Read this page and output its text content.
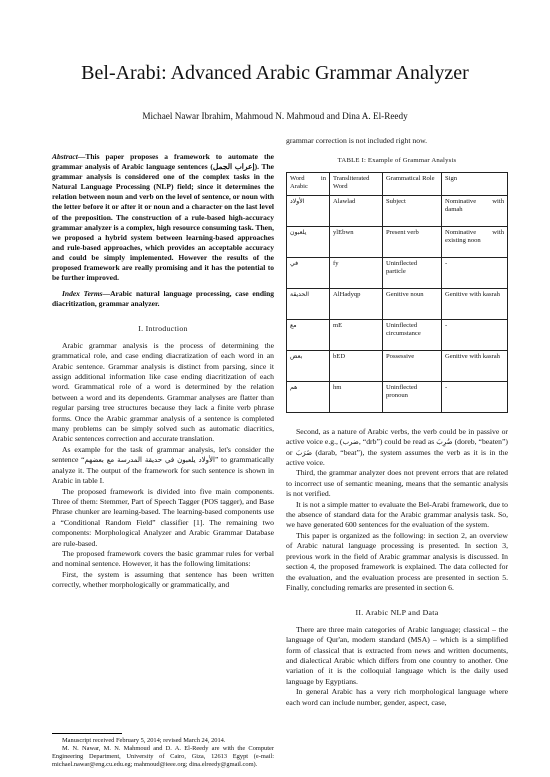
Bel-Arabi: Advanced Arabic Grammar Analyzer
Michael Nawar Ibrahim, Mahmoud N. Mahmoud and Dina A. El-Reedy

Abstract—This paper proposes a framework to automate the grammar analysis of Arabic language sentences (إعراب الجمل). The grammar analysis is considered one of the complex tasks in the Natural Language Processing (NLP) field; since it determines the relation between noun and verb on the level of sentence, or noun with the letter before it or after it or noun and a character on the last level of the preposition. The construction of a rule-based high-accuracy grammar analyzer is a complex, high resource consuming task. Then, we proposed a hybrid system between learning-based approaches and rule-based approaches, which provides an acceptable accuracy and could be simply implemented. However the results of the proposed framework are really promising and it has the potential to be further improved.

Index Terms—Arabic natural language processing, case ending diacritization, grammar analyzer.

I. Introduction

Arabic grammar analysis is the process of determining the grammatical role, and case ending diacratization of each word in an Arabic sentence. Grammar analysis is distinct from parsing, since it assign additional information like case ending diacritization of each word. Grammatical role of a word is determined by the relation between a word and its dependents. Grammar analyses are flatter than regular parsing tree structures because they lack a finite verb phrase forms. Once the Arabic grammar analysis of a sentence is completed many problems can be simply solved such as automatic diacritics, Arabic sentences correction and accurate translation.

As example for the task of grammar analysis, let's consider the sentence “الأولاد يلعبون في حديقة المدرسة مع بعضهم” to grammatically analyze it. The output of the framework for such sentence is shown in Arabic in table I.

The proposed framework is divided into five main components. Three of them: Stemmer, Part of Speech Tagger (POS tagger), and Base Phrase chunker are learning-based. The learning-based components use a “Conditional Random Field” classifier [1]. The remaining two components: Morphological Analyzer and Arabic Grammar Database are rule-based.

The proposed framework covers the basic grammar rules for verbal and nominal sentence. However, it has the following limitations:

First, the system is assuming that sentence has been written correctly, whether morphologically or grammatically, and

Manuscript received February 5, 2014; revised March 24, 2014.

M. N. Nawar, M. N. Mahmoud and D. A. El-Reedy are with the Computer Engineering Department, University of Cairo, Giza, 12613 Egypt (e-mail: michael.nawar@eng.cu.edu.eg; mahmoud@ieee.org; dina.elreedy@gmail.com).

grammar correction is not included right now.

TABLE I: Example of Grammar Analysis
Word in Arabic	Transliterated Word	Grammatical Role	Sign
الأولاد	Alawlad	Subject	Nominative with damah
يلعبون	ylEbwn	Present verb	Nominative with existing noon
في	fy	Uninflected particle	-
الحديقة	AlHadyqp	Genitive noun	Genitive with kasrah
مع	mE	Uninflected circumstance	-
بعض	bED	Possessive	Genitive with kasrah
هم	hm	Uninflected pronoun	-

Second, as a nature of Arabic verbs, the verb could be in passive or active voice e.g., (ضرب, “drb”) could be read as ضُرِبَ (doreb, “beaten”) or ضَرَبَ (darab, “beat”), the system assumes the verb as it is in the active voice.

Third, the grammar analyzer does not prevent errors that are related to incorrect use of semantic meaning, means that the semantic analysis is not verified.

It is not a simple matter to evaluate the Bel-Arabi framework, due to the absence of standard data for the Arabic grammar analysis task. So, we have generated 600 sentences for the evaluation of the system.

This paper is organized as the following: in section 2, an overview of Arabic natural language processing is presented. In section 3, previous work in the field of Arabic grammar analysis is discussed. In section 4, the proposed framework is explained. The data collected for the evaluation, and the evaluation process are presented in section 5. Finally, concluding remarks are presented in section 6.

II. Arabic NLP and Data

There are three main categories of Arabic language; classical – the language of Qur'an, modern standard (MSA) – which is a simplified form of classical that is extracted from news and written documents, and dialectical Arabic which differs from one country to another. One variation of it is the colloquial language which is the daily used language by Egyptians.

In general Arabic has a very rich morphological language where each word can include number, gender, aspect, case,
